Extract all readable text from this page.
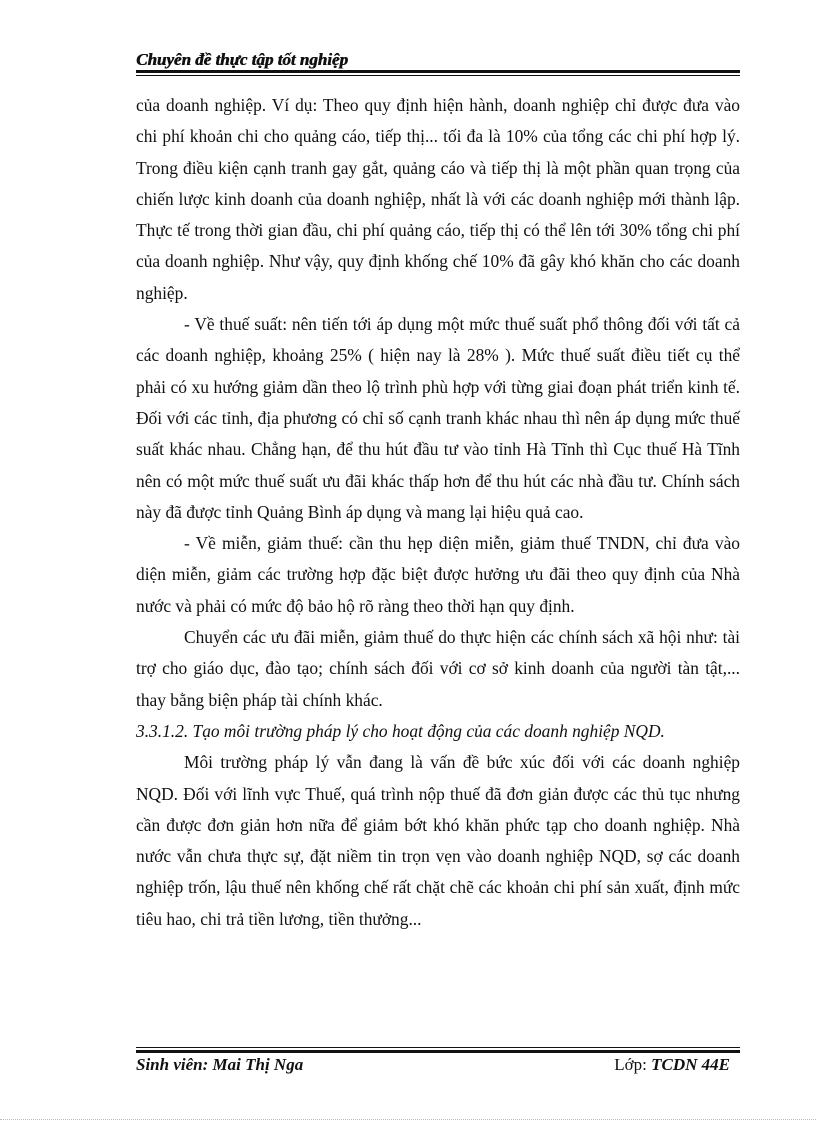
Chuyên đề thực tập tốt nghiệp

của doanh nghiệp. Ví dụ: Theo quy định hiện hành, doanh nghiệp chỉ được đưa vào chi phí khoản chi cho quảng cáo, tiếp thị... tối đa là 10% của tổng các chi phí hợp lý. Trong điều kiện cạnh tranh gay gắt, quảng cáo và tiếp thị là một phần quan trọng của chiến lược kinh doanh của doanh nghiệp, nhất là với các doanh nghiệp mới thành lập. Thực tế trong thời gian đầu, chi phí quảng cáo, tiếp thị có thể lên tới 30% tổng chi phí của doanh nghiệp. Như vậy, quy định khống chế 10% đã gây khó khăn cho các doanh nghiệp.

- Về thuế suất: nên tiến tới áp dụng một mức thuế suất phổ thông đối với tất cả các doanh nghiệp, khoảng 25% ( hiện nay là 28% ). Mức thuế suất điều tiết cụ thể phải có xu hướng giảm dần theo lộ trình phù hợp với từng giai đoạn phát triển kinh tế. Đối với các tỉnh, địa phương có chỉ số cạnh tranh khác nhau thì nên áp dụng mức thuế suất khác nhau. Chẳng hạn, để thu hút đầu tư vào tỉnh Hà Tĩnh thì Cục thuế Hà Tĩnh nên có một mức thuế suất ưu đãi khác thấp hơn để thu hút các nhà đầu tư. Chính sách này đã được tỉnh Quảng Bình áp dụng và mang lại hiệu quả cao.

- Về miễn, giảm thuế: cần thu hẹp diện miễn, giảm thuế TNDN, chỉ đưa vào diện miễn, giảm các trường hợp đặc biệt được hưởng ưu đãi theo quy định của Nhà nước và phải có mức độ bảo hộ rõ ràng theo thời hạn quy định.

Chuyển các ưu đãi miễn, giảm thuế do thực hiện các chính sách xã hội như: tài trợ cho giáo dục, đào tạo; chính sách đối với cơ sở kinh doanh của người tàn tật,... thay bằng biện pháp tài chính khác.

3.3.1.2. Tạo môi trường pháp lý cho hoạt động của các doanh nghiệp NQD.

Môi trường pháp lý vẫn đang là vấn đề bức xúc đối với các doanh nghiệp NQD. Đối với lĩnh vực Thuế, quá trình nộp thuế đã đơn giản được các thủ tục nhưng cần được đơn giản hơn nữa để giảm bớt khó khăn phức tạp cho doanh nghiệp. Nhà nước vẫn chưa thực sự, đặt niềm tin trọn vẹn vào doanh nghiệp NQD, sợ các doanh nghiệp trốn, lậu thuế nên khống chế rất chặt chẽ các khoản chi phí sản xuất, định mức tiêu hao, chi trả tiền lương, tiền thưởng...

Sinh viên: Mai Thị Nga	Lớp: TCDN 44E
